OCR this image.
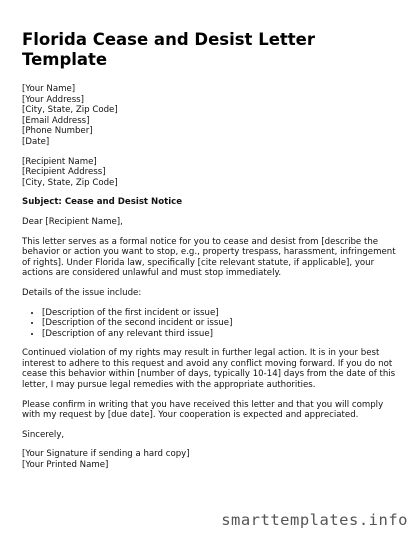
Florida Cease and Desist Letter Template
[Your Name]
[Your Address]
[City, State, Zip Code]
[Email Address]
[Phone Number]
[Date]
[Recipient Name]
[Recipient Address]
[City, State, Zip Code]
Subject: Cease and Desist Notice

Dear [Recipient Name],

This letter serves as a formal notice for you to cease and desist from [describe the behavior or action you want to stop, e.g., property trespass, harassment, infringement of rights]. Under Florida law, specifically [cite relevant statute, if applicable], your actions are considered unlawful and must stop immediately.

Details of the issue include:

• [Description of the first incident or issue]
• [Description of the second incident or issue]
• [Description of any relevant third issue]

Continued violation of my rights may result in further legal action. It is in your best interest to adhere to this request and avoid any conflict moving forward. If you do not cease this behavior within [number of days, typically 10-14] days from the date of this letter, I may pursue legal remedies with the appropriate authorities.

Please confirm in writing that you have received this letter and that you will comply with my request by [due date]. Your cooperation is expected and appreciated.

Sincerely,

[Your Signature if sending a hard copy]
[Your Printed Name]
smarttemplates.info
